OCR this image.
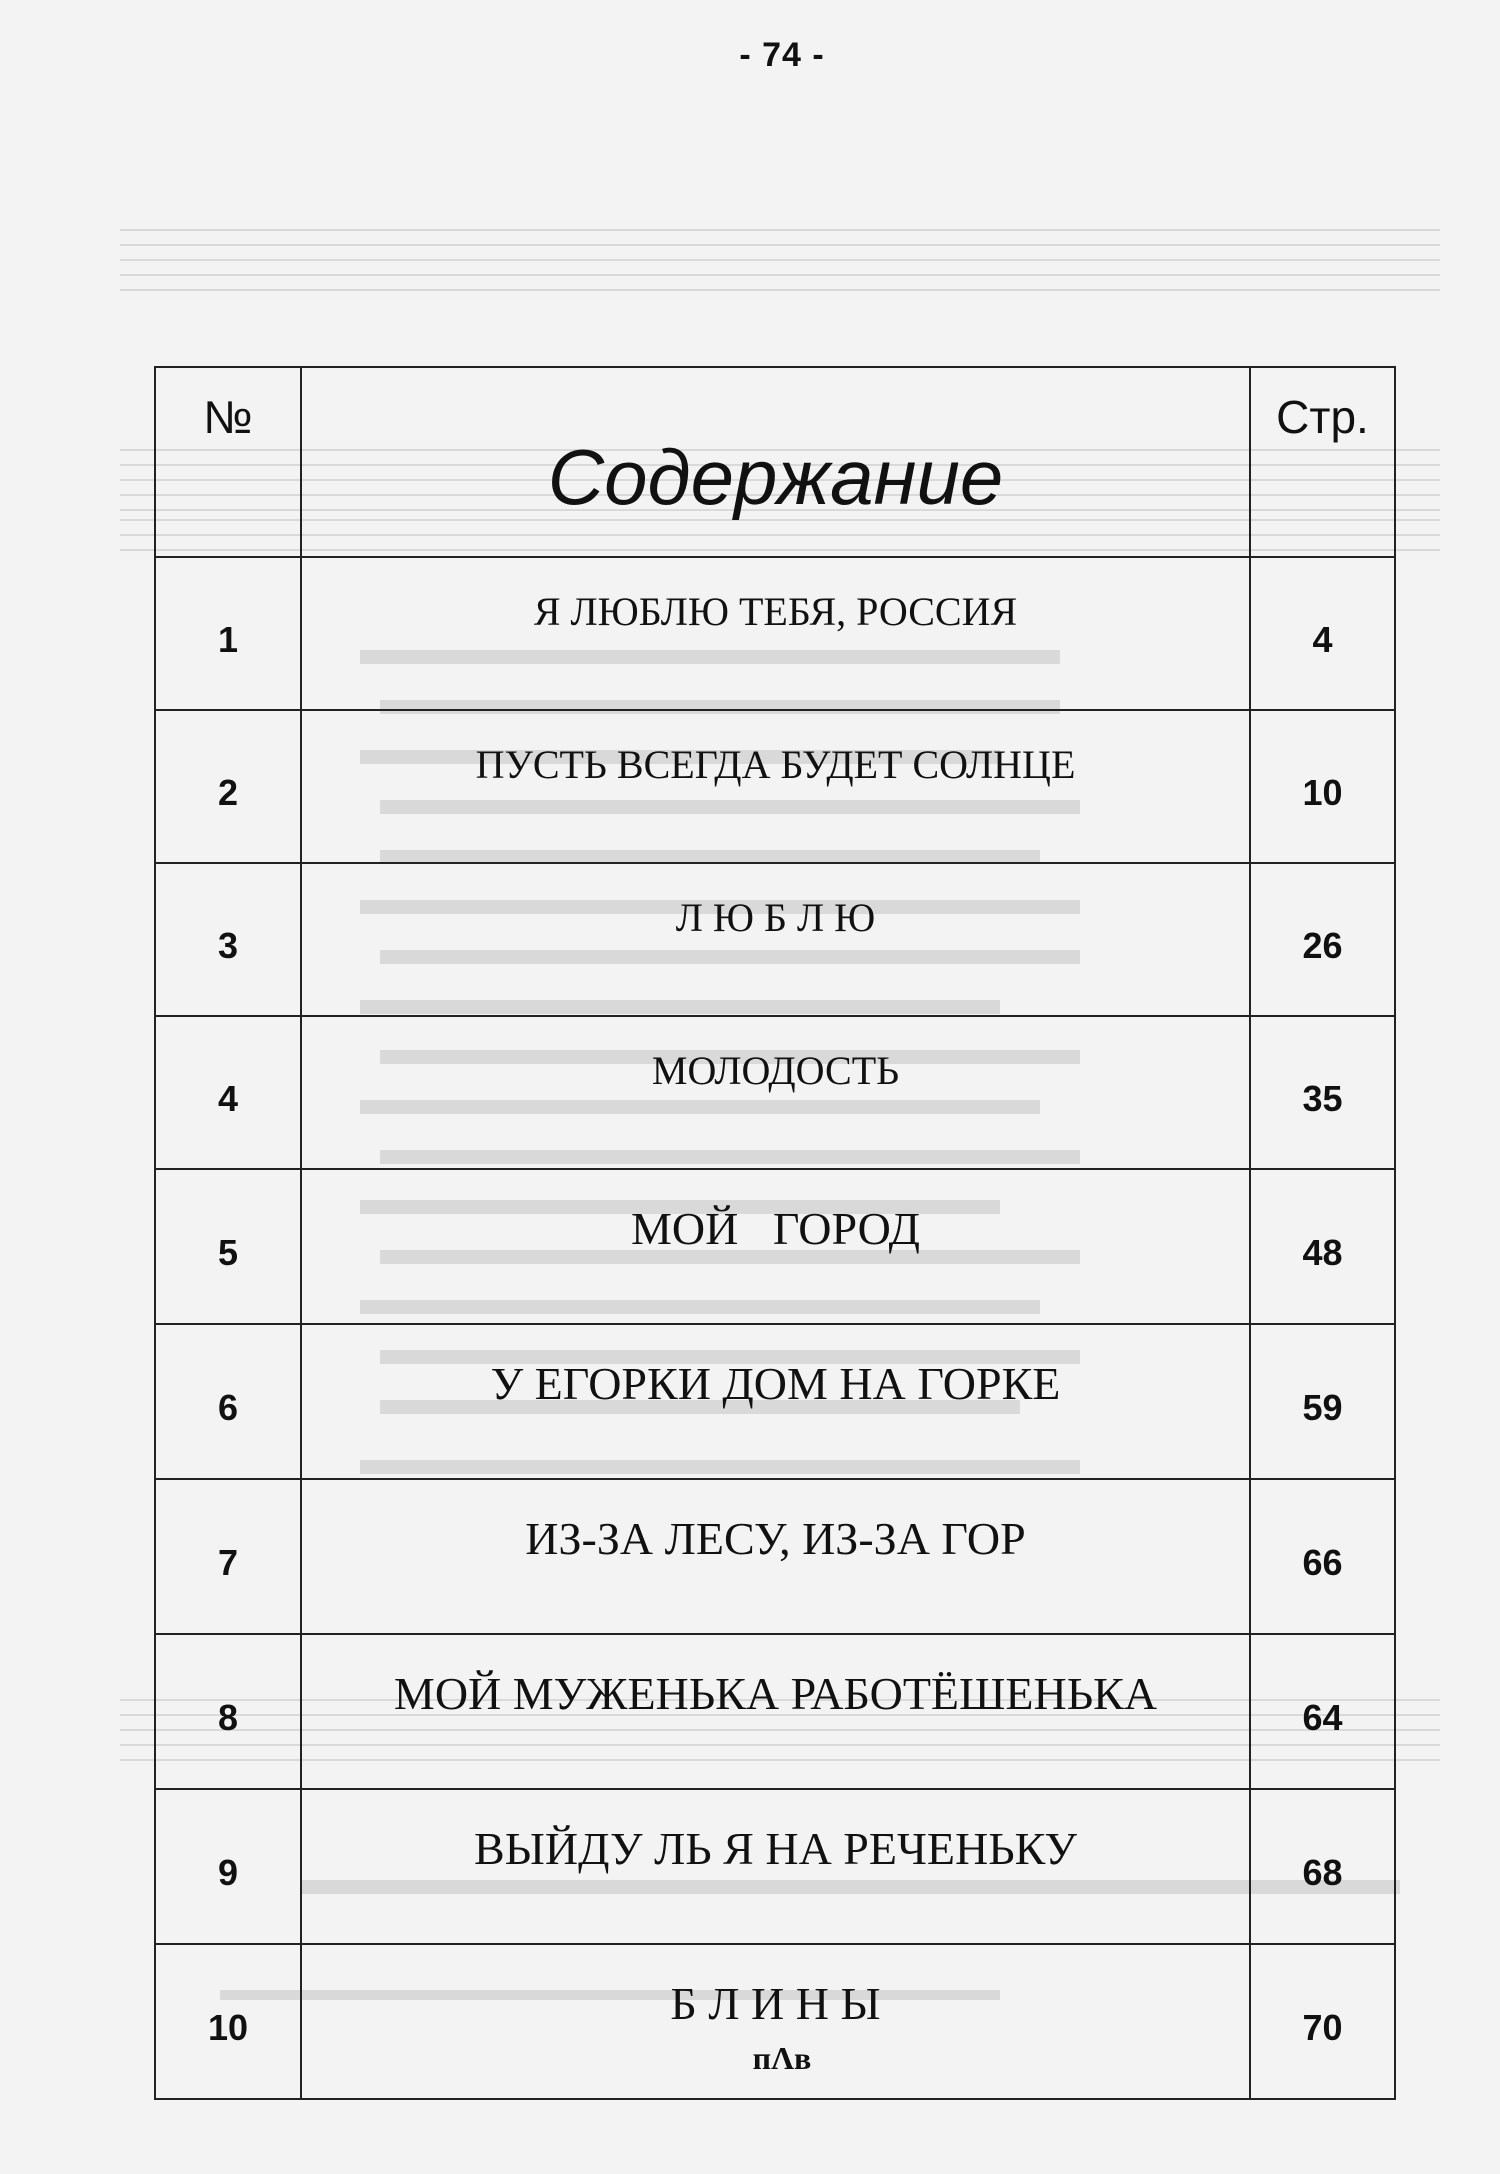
- 74 -
№	Содержание	Стр.
1	Я ЛЮБЛЮ ТЕБЯ, РОССИЯ	4
2	ПУСТЬ ВСЕГДА БУДЕТ СОЛНЦЕ	10
3	Л Ю Б Л Ю	26
4	МОЛОДОСТЬ	35
5	МОЙ   ГОРОД	48
6	У ЕГОРКИ ДОМ НА ГОРКЕ	59
7	ИЗ-ЗА ЛЕСУ, ИЗ-ЗА ГОР	66
8	МОЙ МУЖЕНЬКА РАБОТЁШЕНЬКА	64
9	ВЫЙДУ ЛЬ Я НА РЕЧЕНЬКУ	68
10	Б Л И Н Ы	70
пΛв
